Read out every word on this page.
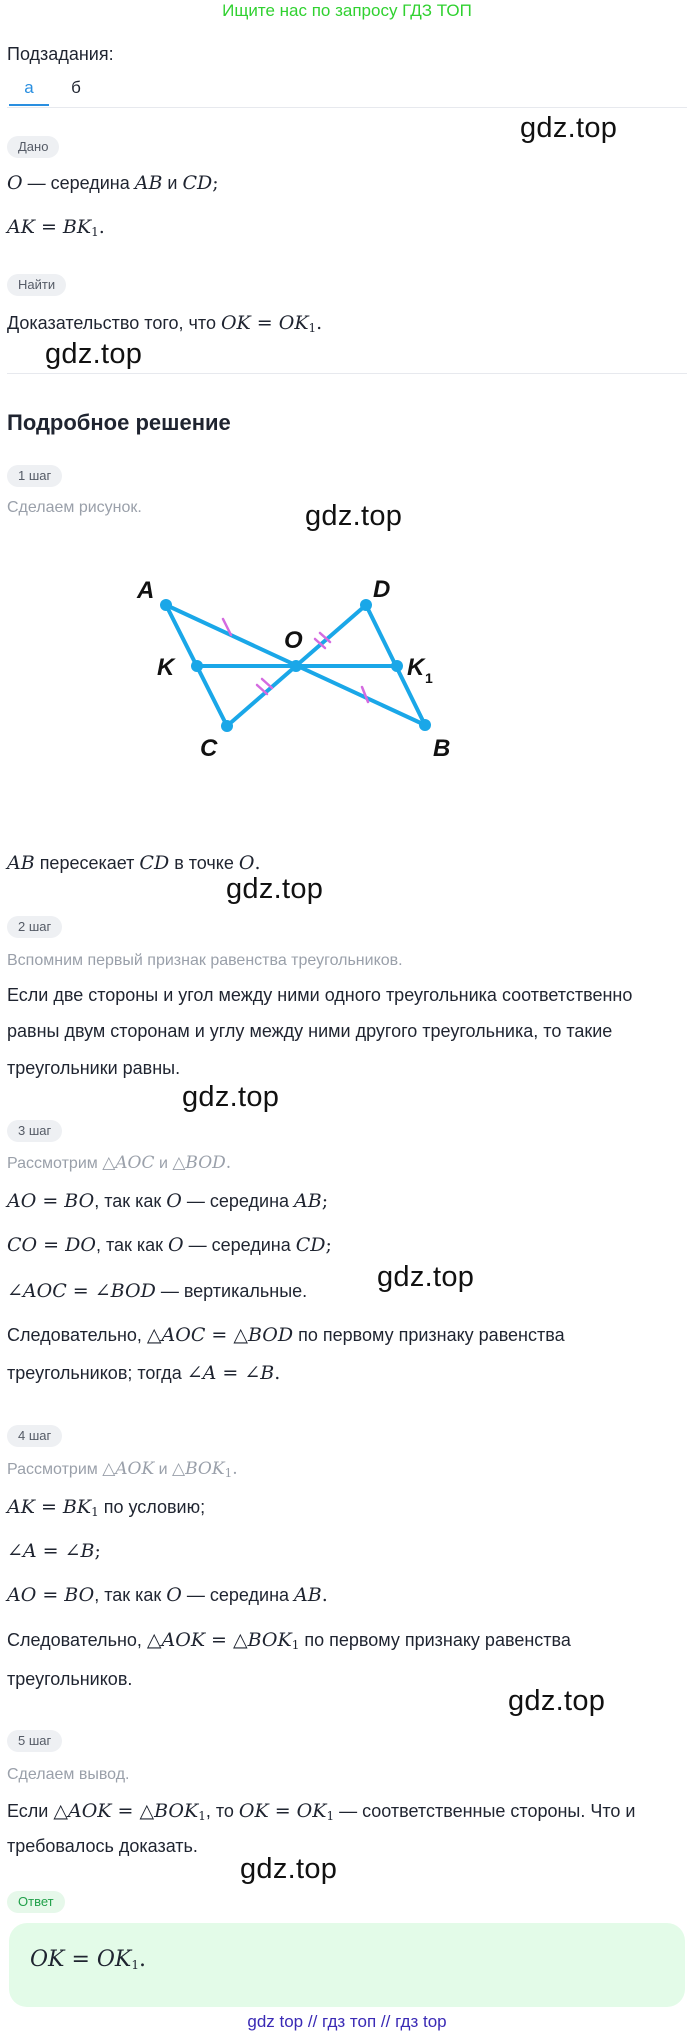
Ищите нас по запросу ГДЗ ТОП
Подзадания:
а	б
Дано
gdz.top
O — середина AB и CD;
AK = $BK_1$.
Найти
Доказательство того, что OK = $OK_1$.
gdz.top
Подробное решение
1 шаг
Сделаем рисунок.	gdz.top
A	D
K
O
K 1
C	B
AB пересекает CD в точке O.
gdz.top
2 шаг
Вспомним первый признак равенства треугольников.
Если две стороны и угол между ними одного треугольника соответственно
равны двум сторонам и углу между ними другого треугольника, то такие
треугольники равны.
gdz.top
3 шаг
Рассмотрим △AOC и △BOD.
AO = BO, так как O — середина AB;
CO = DO, так как O — середина CD;
∠AOC = ∠BOD — вертикальные. gdz.top
Следовательно, △AOC = △BOD по первому признаку равенства
треугольников; тогда ∠A = ∠B.
4 шаг
Рассмотрим △AOK и $\triangle BOK_1$.
AK = $BK_1$ по условию;
∠A = ∠B;
AO = BO, так как O — середина AB.
Следовательно, △AOK = $\triangle BOK_1$ по первому признаку равенства
треугольников.
gdz.top
5 шаг
Сделаем вывод.
Если △AOK = $\triangle BOK_1$, то OK = $OK_1$ — соответственные стороны. Что и
требовалось доказать.
gdz.top
Ответ
OK = $OK_1$.
gdz top // гдз топ // гдз top
